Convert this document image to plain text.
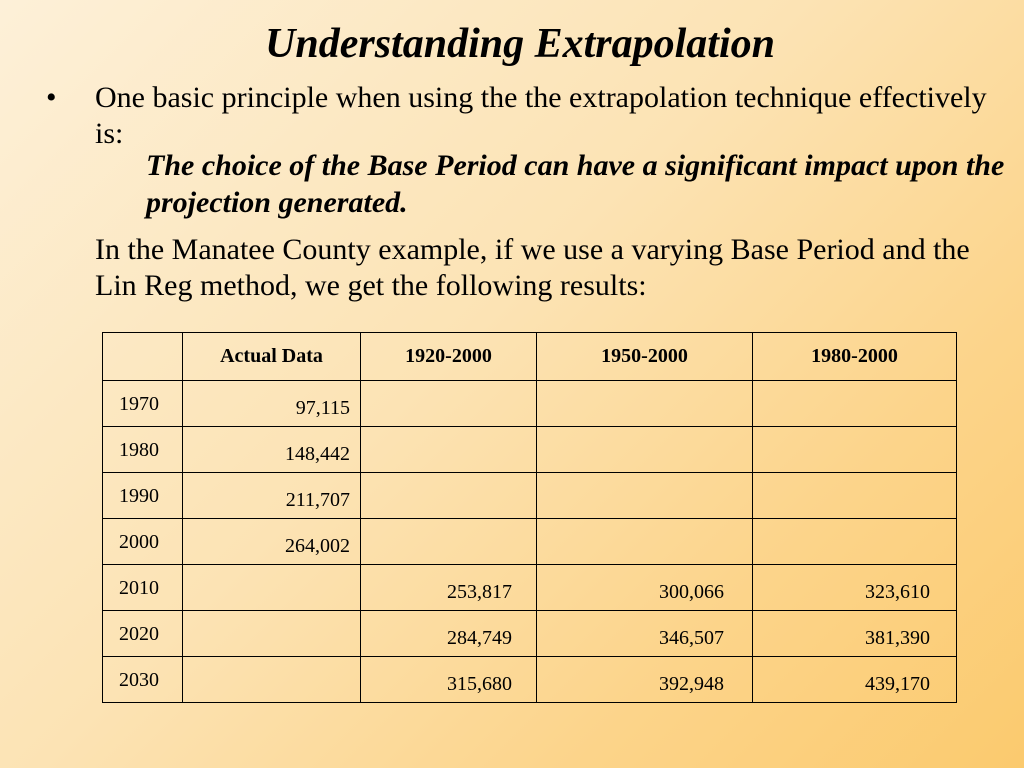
Understanding Extrapolation
• One basic principle when using the the extrapolation technique effectively is:
The choice of the Base Period can have a significant impact upon the projection generated.
In the Manatee County example, if we use a varying Base Period and the Lin Reg method, we get the following results:
	Actual Data	1920-2000	1950-2000	1980-2000
1970	97,115			
1980	148,442			
1990	211,707			
2000	264,002			
2010		253,817	300,066	323,610
2020		284,749	346,507	381,390
2030		315,680	392,948	439,170
